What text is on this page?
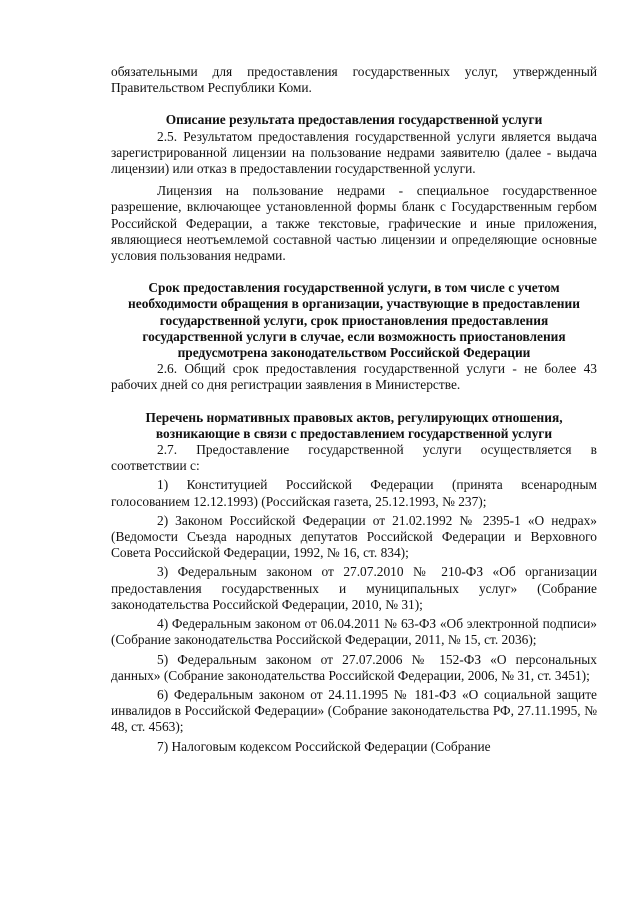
обязательными для предоставления государственных услуг, утвержденный Правительством Республики Коми.

Описание результата предоставления государственной услуги

2.5. Результатом предоставления государственной услуги является выдача зарегистрированной лицензии на пользование недрами заявителю (далее - выдача лицензии) или отказ в предоставлении государственной услуги.

Лицензия на пользование недрами - специальное государственное разрешение, включающее установленной формы бланк с Государственным гербом Российской Федерации, а также текстовые, графические и иные приложения, являющиеся неотъемлемой составной частью лицензии и определяющие основные условия пользования недрами.

Срок предоставления государственной услуги, в том числе с учетом необходимости обращения в организации, участвующие в предоставлении государственной услуги, срок приостановления предоставления государственной услуги в случае, если возможность приостановления предусмотрена законодательством Российской Федерации

2.6. Общий срок предоставления государственной услуги - не более 43 рабочих дней со дня регистрации заявления в Министерстве.

Перечень нормативных правовых актов, регулирующих отношения, возникающие в связи с предоставлением государственной услуги

2.7. Предоставление государственной услуги осуществляется в соответствии с:

1) Конституцией Российской Федерации (принята всенародным голосованием 12.12.1993) (Российская газета, 25.12.1993, № 237);

2) Законом Российской Федерации от 21.02.1992 № 2395-1 «О недрах» (Ведомости Съезда народных депутатов Российской Федерации и Верховного Совета Российской Федерации, 1992, № 16, ст. 834);

3) Федеральным законом от 27.07.2010 № 210-ФЗ «Об организации предоставления государственных и муниципальных услуг» (Собрание законодательства Российской Федерации, 2010, № 31);

4) Федеральным законом от 06.04.2011 № 63-ФЗ «Об электронной подписи» (Собрание законодательства Российской Федерации, 2011, № 15, ст. 2036);

5) Федеральным законом от 27.07.2006 № 152-ФЗ «О персональных данных» (Собрание законодательства Российской Федерации, 2006, № 31, ст. 3451);

6) Федеральным законом от 24.11.1995 № 181-ФЗ «О социальной защите инвалидов в Российской Федерации» (Собрание законодательства РФ, 27.11.1995, № 48, ст. 4563);

7) Налоговым кодексом Российской Федерации (Собрание
